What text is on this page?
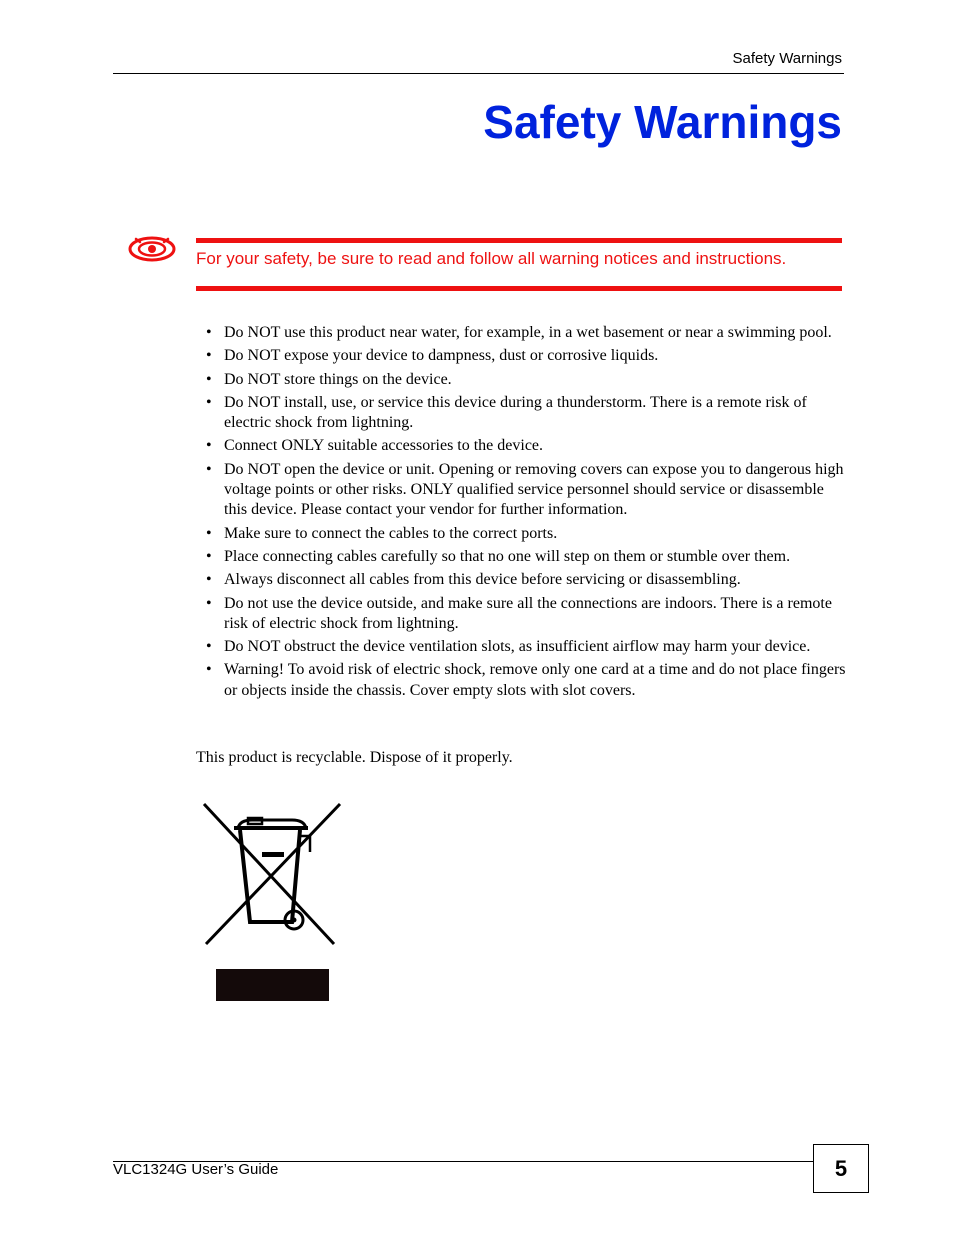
Safety Warnings
Safety Warnings
For your safety, be sure to read and follow all warning notices and instructions.
• Do NOT use this product near water, for example, in a wet basement or near a swimming pool.
• Do NOT expose your device to dampness, dust or corrosive liquids.
• Do NOT store things on the device.
• Do NOT install, use, or service this device during a thunderstorm. There is a remote risk of electric shock from lightning.
• Connect ONLY suitable accessories to the device.
• Do NOT open the device or unit. Opening or removing covers can expose you to dangerous high voltage points or other risks. ONLY qualified service personnel should service or disassemble this device. Please contact your vendor for further information.
• Make sure to connect the cables to the correct ports.
• Place connecting cables carefully so that no one will step on them or stumble over them.
• Always disconnect all cables from this device before servicing or disassembling.
• Do not use the device outside, and make sure all the connections are indoors. There is a remote risk of electric shock from lightning.
• Do NOT obstruct the device ventilation slots, as insufficient airflow may harm your device.
• Warning! To avoid risk of electric shock, remove only one card at a time and do not place fingers or objects inside the chassis. Cover empty slots with slot covers.

This product is recyclable. Dispose of it properly.

VLC1324G User’s Guide	5
